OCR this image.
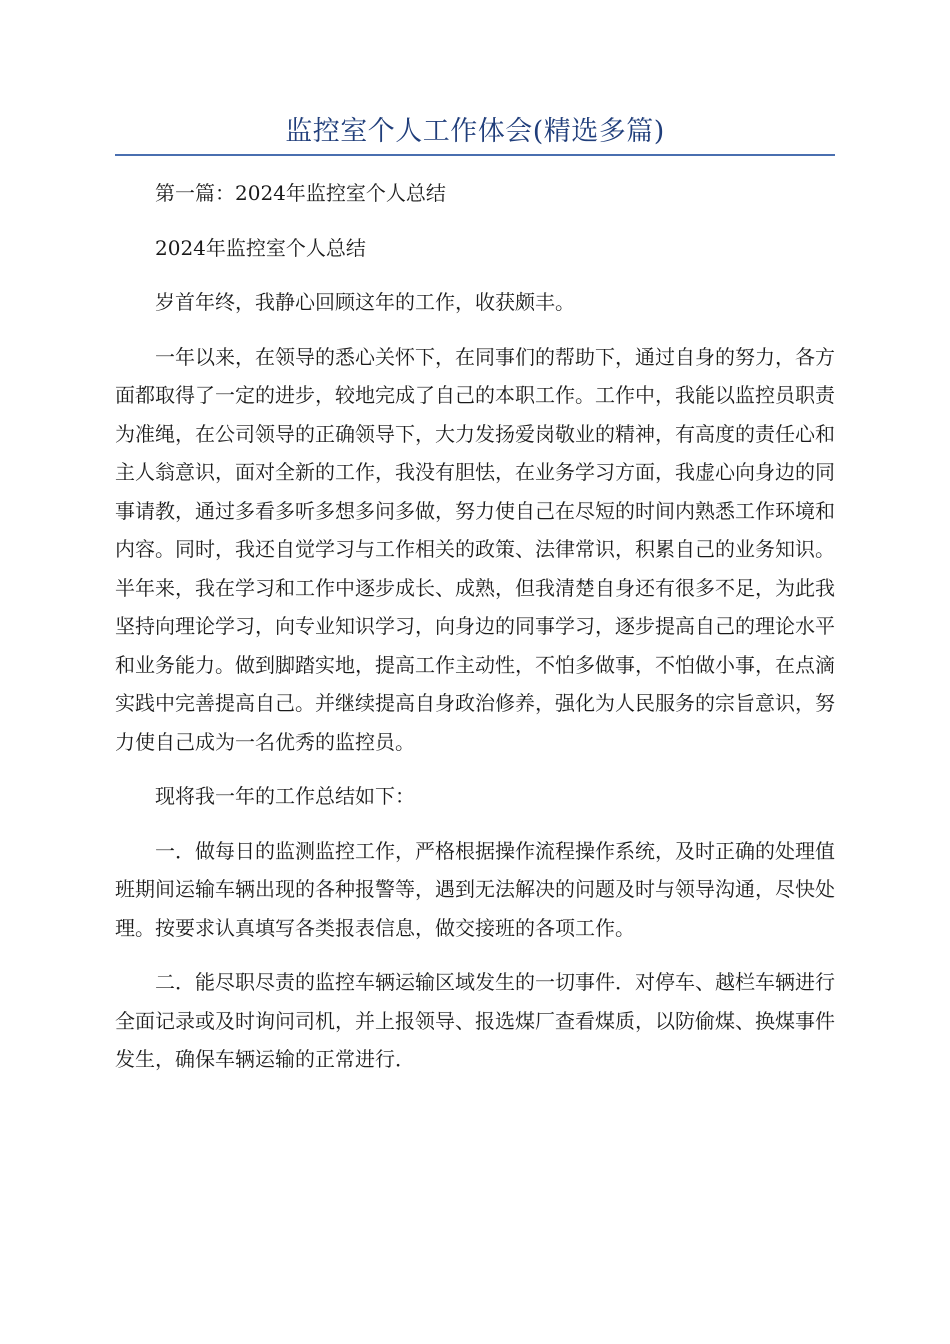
监控室个人工作体会(精选多篇)

第一篇：2024年监控室个人总结

2024年监控室个人总结

岁首年终，我静心回顾这年的工作，收获颇丰。

一年以来，在领导的悉心关怀下，在同事们的帮助下，通过自身的努力，各方面都取得了一定的进步，较地完成了自己的本职工作。工作中，我能以监控员职责为准绳，在公司领导的正确领导下，大力发扬爱岗敬业的精神，有高度的责任心和主人翁意识，面对全新的工作，我没有胆怯，在业务学习方面，我虚心向身边的同事请教，通过多看多听多想多问多做，努力使自己在尽短的时间内熟悉工作环境和内容。同时，我还自觉学习与工作相关的政策、法律常识，积累自己的业务知识。半年来，我在学习和工作中逐步成长、成熟，但我清楚自身还有很多不足，为此我坚持向理论学习，向专业知识学习，向身边的同事学习，逐步提高自己的理论水平和业务能力。做到脚踏实地，提高工作主动性，不怕多做事，不怕做小事，在点滴实践中完善提高自己。并继续提高自身政治修养，强化为人民服务的宗旨意识，努力使自己成为一名优秀的监控员。

现将我一年的工作总结如下：

一．做每日的监测监控工作，严格根据操作流程操作系统，及时正确的处理值班期间运输车辆出现的各种报警等，遇到无法解决的问题及时与领导沟通，尽快处理。按要求认真填写各类报表信息，做交接班的各项工作。

二．能尽职尽责的监控车辆运输区域发生的一切事件．对停车、越栏车辆进行全面记录或及时询问司机，并上报领导、报选煤厂查看煤质，以防偷煤、换煤事件发生，确保车辆运输的正常进行．
